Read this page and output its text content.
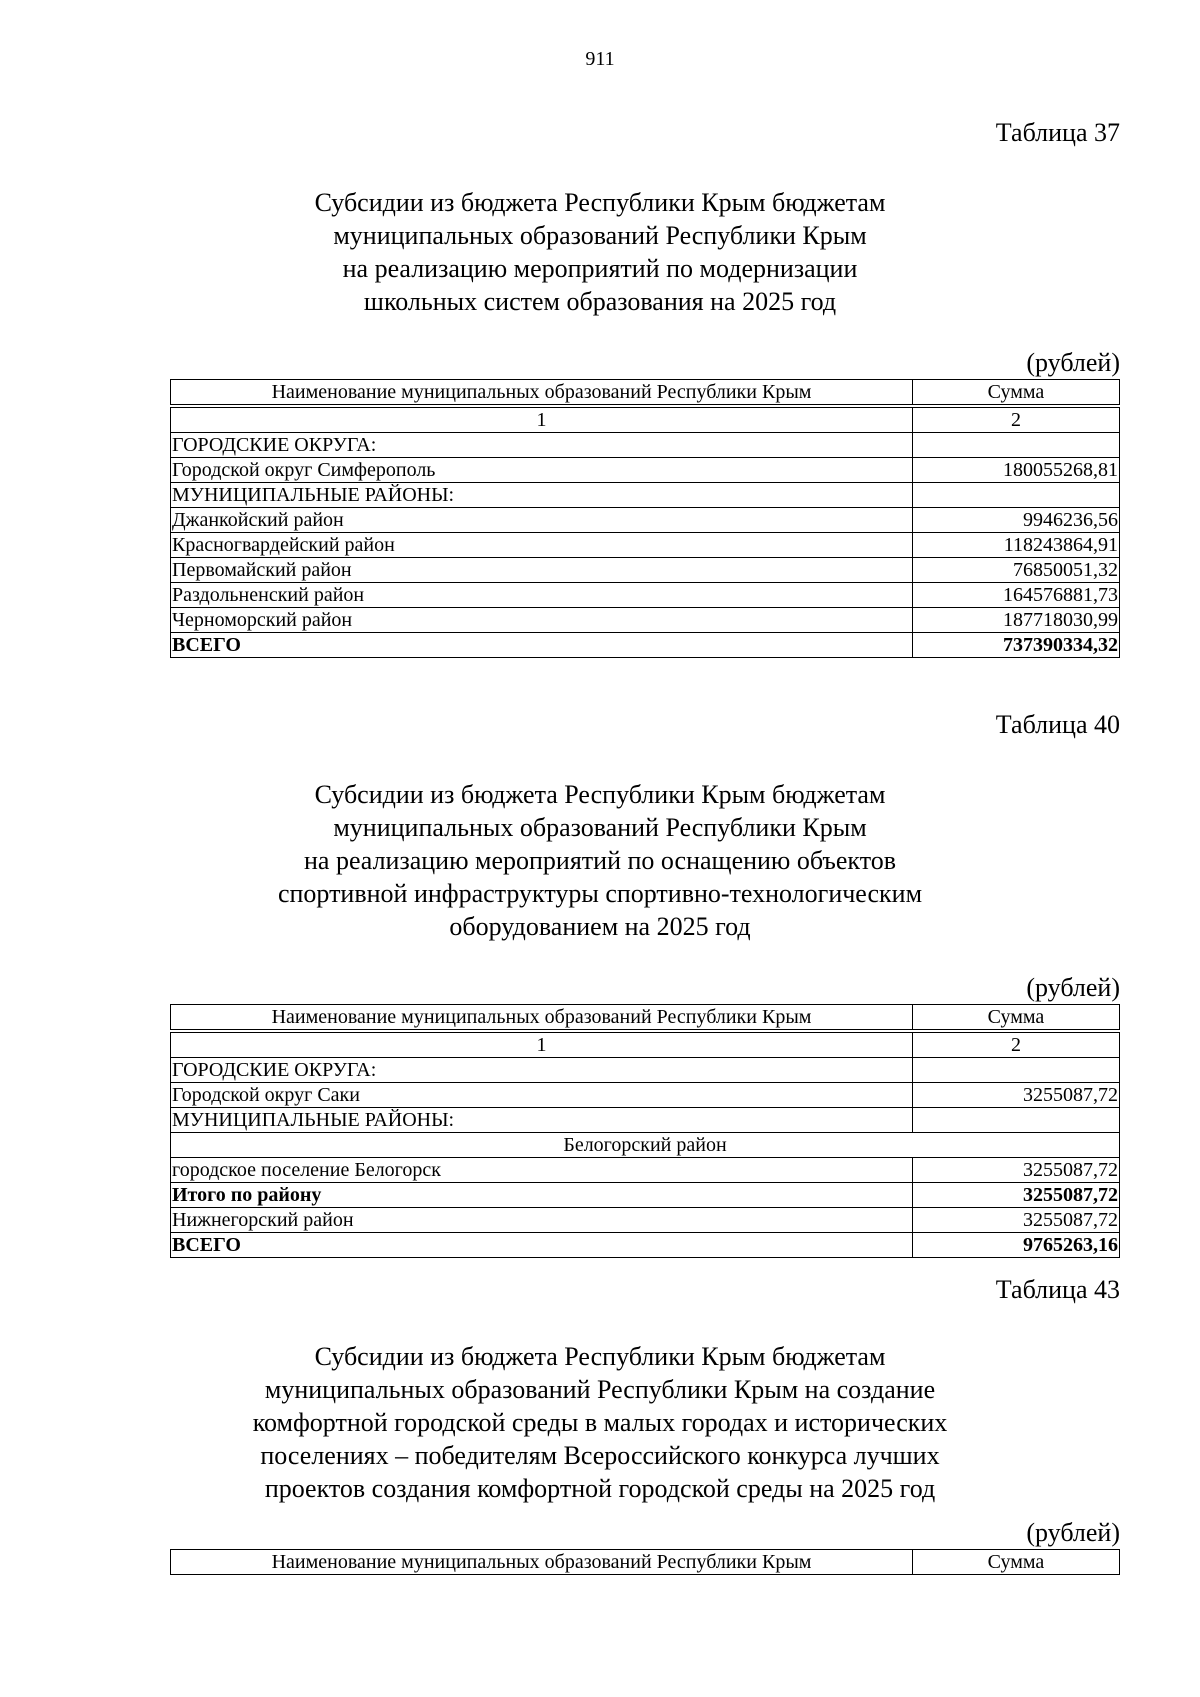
911
Таблица 37
Субсидии из бюджета Республики Крым бюджетам
муниципальных образований Республики Крым
на реализацию мероприятий по модернизации
школьных систем образования на 2025 год
(рублей)
Наименование муниципальных образований Республики Крым	Сумма

1	2
ГОРОДСКИЕ ОКРУГА:	
Городской округ Симферополь	180055268,81
МУНИЦИПАЛЬНЫЕ РАЙОНЫ:	
Джанкойский район	9946236,56
Красногвардейский район	118243864,91
Первомайский район	76850051,32
Раздольненский район	164576881,73
Черноморский район	187718030,99
ВСЕГО	737390334,32
Таблица 40
Субсидии из бюджета Республики Крым бюджетам
муниципальных образований Республики Крым
на реализацию мероприятий по оснащению объектов
спортивной инфраструктуры спортивно-технологическим
оборудованием на 2025 год
(рублей)
Наименование муниципальных образований Республики Крым	Сумма

1	2
ГОРОДСКИЕ ОКРУГА:	
Городской округ Саки	3255087,72
МУНИЦИПАЛЬНЫЕ РАЙОНЫ:	
Белогорский район	
городское поселение Белогорск	3255087,72
Итого по району	3255087,72
Нижнегорский район	3255087,72
ВСЕГО	9765263,16
Таблица 43
Субсидии из бюджета Республики Крым бюджетам
муниципальных образований Республики Крым на создание
комфортной городской среды в малых городах и исторических
поселениях – победителям Всероссийского конкурса лучших
проектов создания комфортной городской среды на 2025 год
(рублей)
Наименование муниципальных образований Республики Крым	Сумма
